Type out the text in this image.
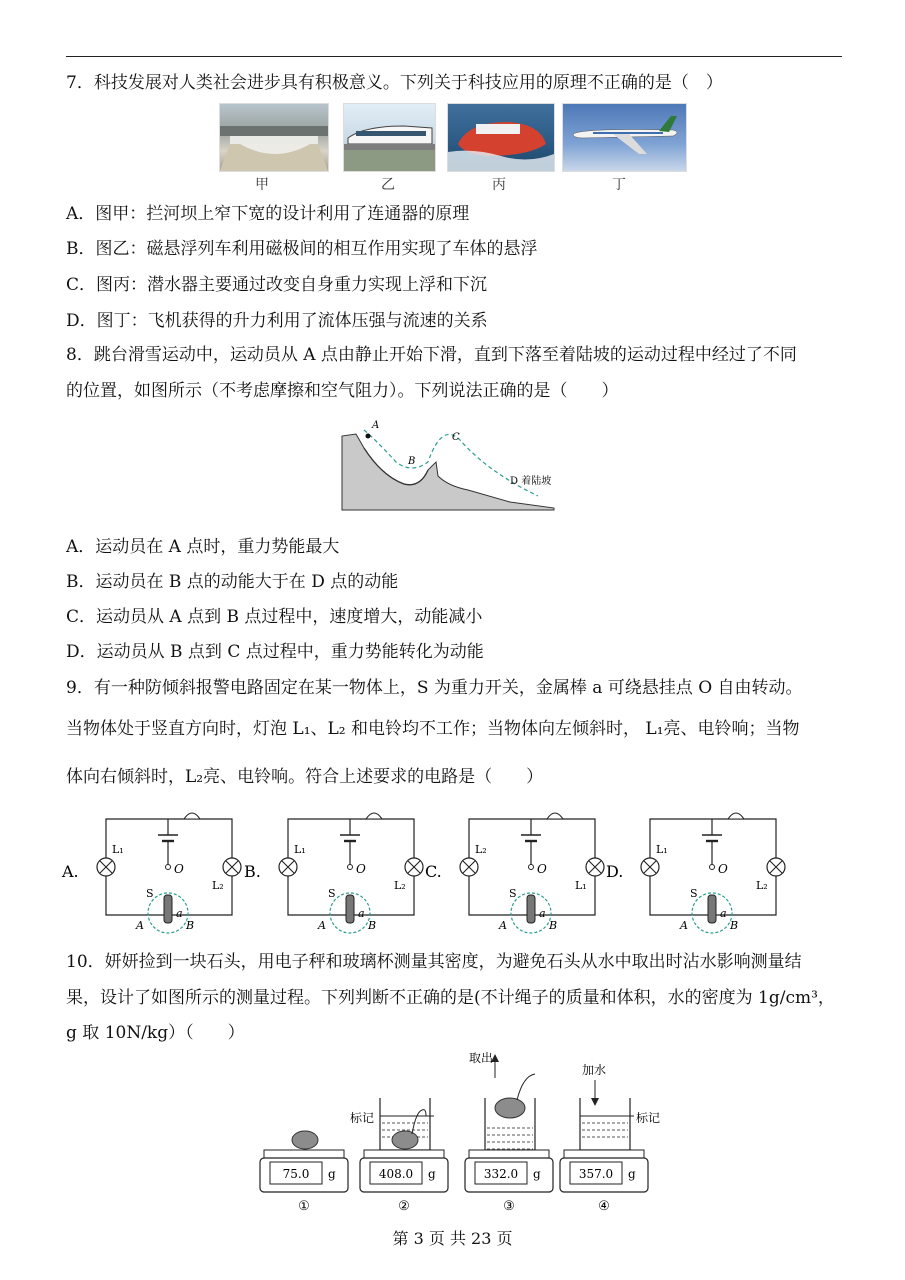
7．科技发展对人类社会进步具有积极意义。下列关于科技应用的原理不正确的是（　）
甲	乙	丙	丁
A．图甲：拦河坝上窄下宽的设计利用了连通器的原理
B．图乙：磁悬浮列车利用磁极间的相互作用实现了车体的悬浮
C．图丙：潜水器主要通过改变自身重力实现上浮和下沉
D．图丁：飞机获得的升力利用了流体压强与流速的关系
8．跳台滑雪运动中，运动员从 A 点由静止开始下滑，直到下落至着陆坡的运动过程中经过了不同
的位置，如图所示（不考虑摩擦和空气阻力）。下列说法正确的是（　　）
A
B
C
D 着陆坡
A．运动员在 A 点时，重力势能最大
B．运动员在 B 点的动能大于在 D 点的动能
C．运动员从 A 点到 B 点过程中，速度增大，动能减小
D．运动员从 B 点到 C 点过程中，重力势能转化为动能
9．有一种防倾斜报警电路固定在某一物体上，S 为重力开关，金属棒 a 可绕悬挂点 O 自由转动。
当物体处于竖直方向时，灯泡 L₁、L₂ 和电铃均不工作；当物体向左倾斜时， L₁亮、电铃响；当物
体向右倾斜时，L₂亮、电铃响。符合上述要求的电路是（　　）
A.
L₁
L₂
O
S
a
A	B
B.
L₁
L₂
O
S
a
A	B
C.
L₂
L₁
O
S
a
A	B
D.
L₁
L₂
O
S
a
A	B
10．妍妍捡到一块石头，用电子秤和玻璃杯测量其密度，为避免石头从水中取出时沾水影响测量结
果，设计了如图所示的测量过程。下列判断不正确的是(不计绳子的质量和体积，水的密度为 1g/cm³，
g 取 10N/kg）（　　）
75.0 g
①
标记
408.0 g
②
取出
332.0 g
③
加水
标记
357.0 g
④
第 3 页 共 23 页
